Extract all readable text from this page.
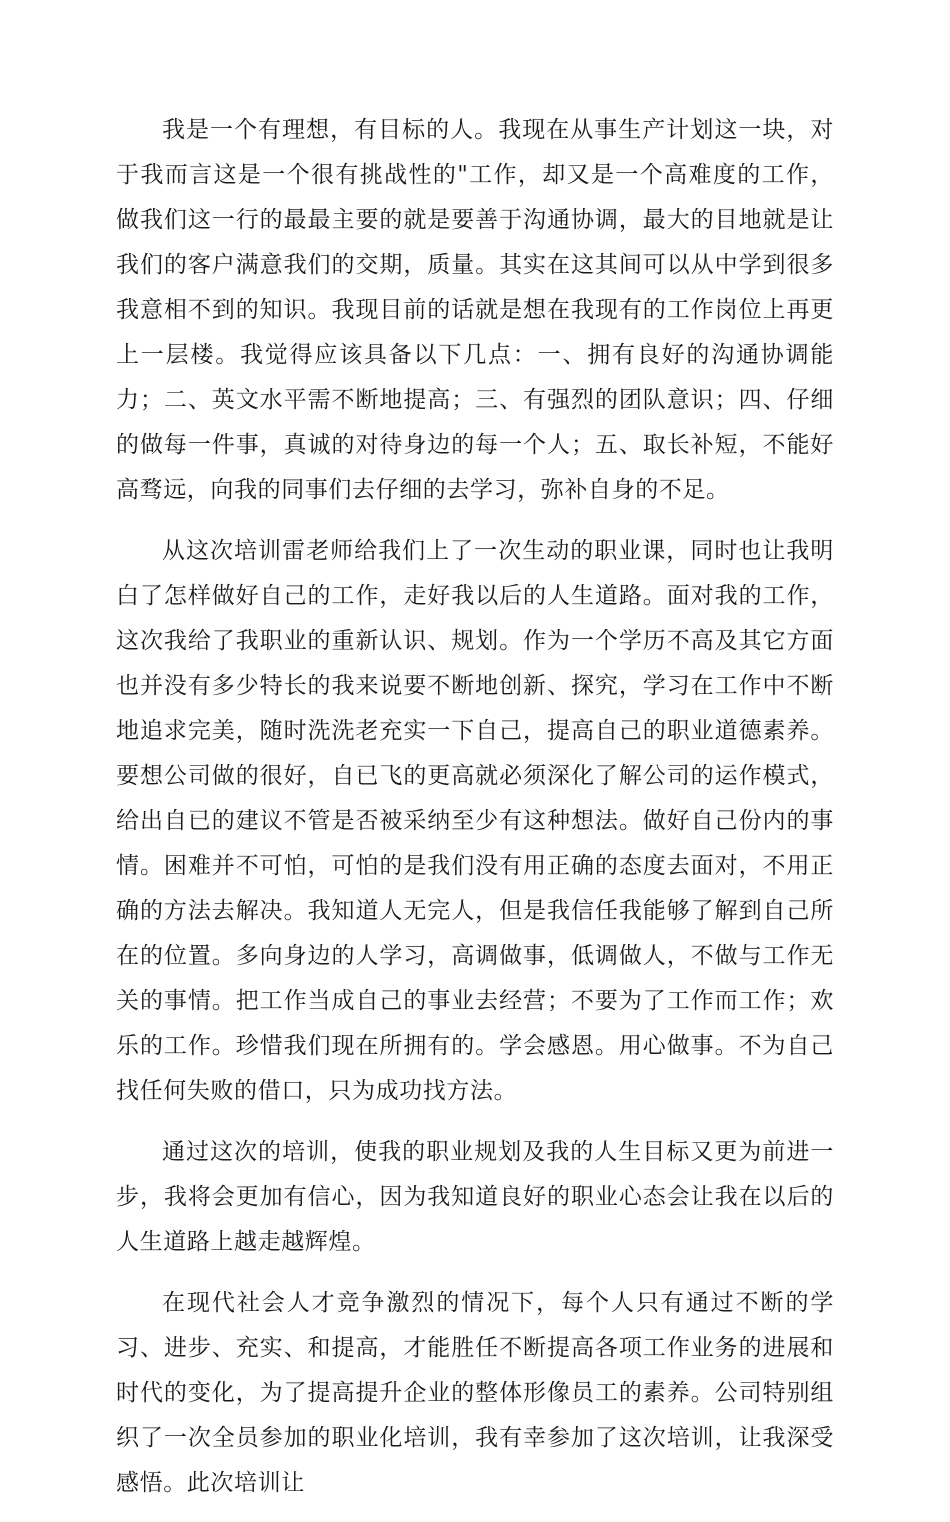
我是一个有理想，有目标的人。我现在从事生产计划这一块，对于我而言这是一个很有挑战性的"工作，却又是一个高难度的工作，做我们这一行的最最主要的就是要善于沟通协调，最大的目地就是让我们的客户满意我们的交期，质量。其实在这其间可以从中学到很多我意相不到的知识。我现目前的话就是想在我现有的工作岗位上再更上一层楼。我觉得应该具备以下几点：一、拥有良好的沟通协调能力；二、英文水平需不断地提高；三、有强烈的团队意识；四、仔细的做每一件事，真诚的对待身边的每一个人；五、取长补短，不能好高骛远，向我的同事们去仔细的去学习，弥补自身的不足。

从这次培训雷老师给我们上了一次生动的职业课，同时也让我明白了怎样做好自己的工作，走好我以后的人生道路。面对我的工作，这次我给了我职业的重新认识、规划。作为一个学历不高及其它方面也并没有多少特长的我来说要不断地创新、探究，学习在工作中不断地追求完美，随时洗洗老充实一下自己，提高自己的职业道德素养。要想公司做的很好，自已飞的更高就必须深化了解公司的运作模式，给出自已的建议不管是否被采纳至少有这种想法。做好自己份内的事情。困难并不可怕，可怕的是我们没有用正确的态度去面对，不用正确的方法去解决。我知道人无完人，但是我信任我能够了解到自己所在的位置。多向身边的人学习，高调做事，低调做人，不做与工作无关的事情。把工作当成自己的事业去经营；不要为了工作而工作；欢乐的工作。珍惜我们现在所拥有的。学会感恩。用心做事。不为自己找任何失败的借口，只为成功找方法。

通过这次的培训，使我的职业规划及我的人生目标又更为前进一步，我将会更加有信心，因为我知道良好的职业心态会让我在以后的人生道路上越走越辉煌。

在现代社会人才竞争激烈的情况下，每个人只有通过不断的学习、进步、充实、和提高，才能胜任不断提高各项工作业务的进展和时代的变化，为了提高提升企业的整体形像员工的素养。公司特别组织了一次全员参加的职业化培训，我有幸参加了这次培训，让我深受感悟。此次培训让
